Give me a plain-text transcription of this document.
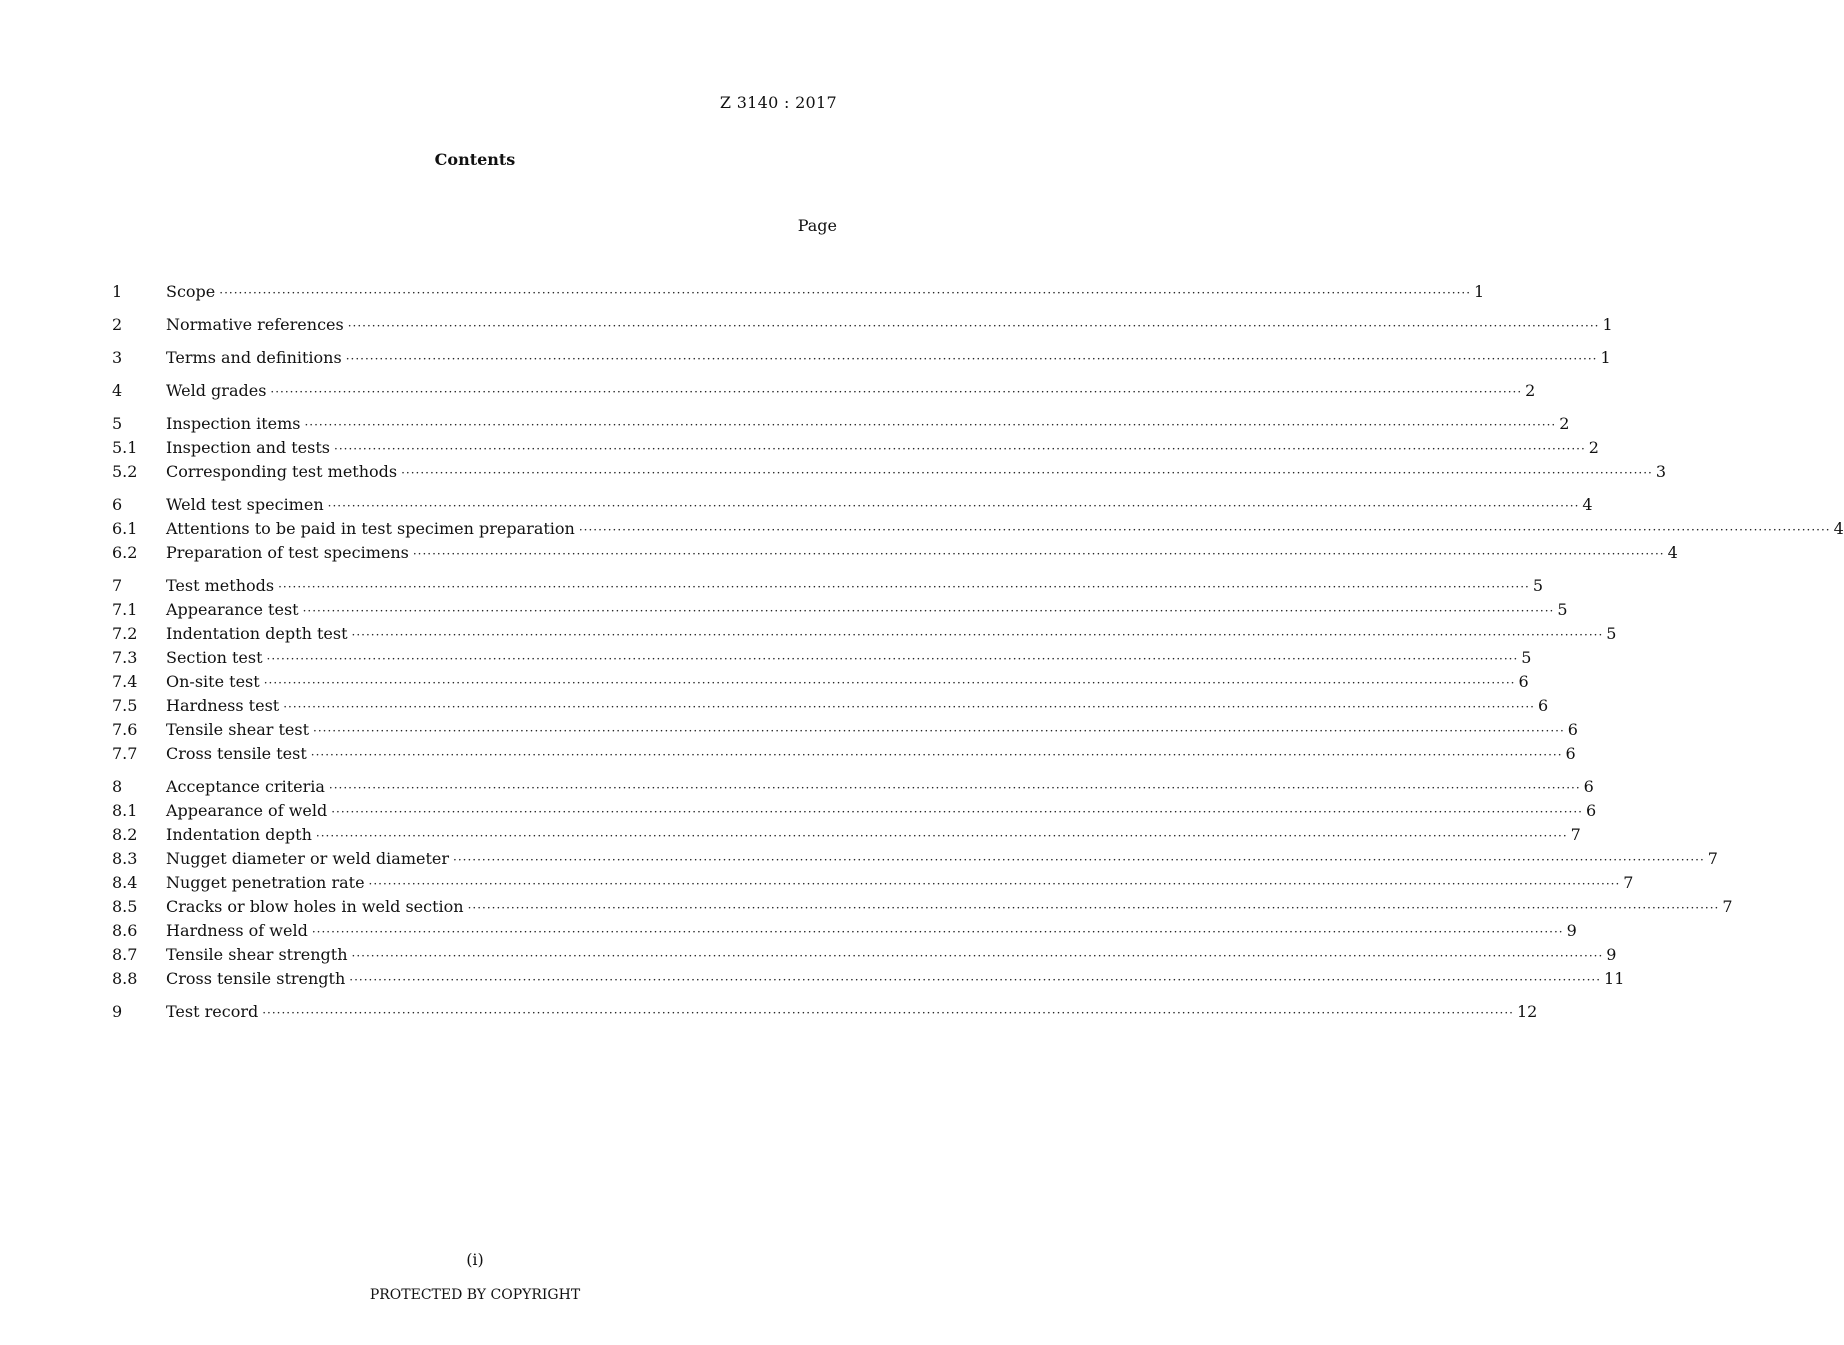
Z 3140 : 2017
Contents
Page
1	Scope ···································································································································································································································································· 1
2	Normative references ···································································································································································································································································· 1
3	Terms and definitions ···································································································································································································································································· 1
4	Weld grades ···································································································································································································································································· 2
5	Inspection items ···································································································································································································································································· 2
5.1	Inspection and tests ···································································································································································································································································· 2
5.2	Corresponding test methods ···································································································································································································································································· 3
6	Weld test specimen ···································································································································································································································································· 4
6.1	Attentions to be paid in test specimen preparation ···································································································································································································································································· 4
6.2	Preparation of test specimens ···································································································································································································································································· 4
7	Test methods ···································································································································································································································································· 5
7.1	Appearance test ···································································································································································································································································· 5
7.2	Indentation depth test ···································································································································································································································································· 5
7.3	Section test ···································································································································································································································································· 5
7.4	On-site test ···································································································································································································································································· 6
7.5	Hardness test ···································································································································································································································································· 6
7.6	Tensile shear test ···································································································································································································································································· 6
7.7	Cross tensile test ···································································································································································································································································· 6
8	Acceptance criteria ···································································································································································································································································· 6
8.1	Appearance of weld ···································································································································································································································································· 6
8.2	Indentation depth ···································································································································································································································································· 7
8.3	Nugget diameter or weld diameter ···································································································································································································································································· 7
8.4	Nugget penetration rate ···································································································································································································································································· 7
8.5	Cracks or blow holes in weld section ···································································································································································································································································· 7
8.6	Hardness of weld ···································································································································································································································································· 9
8.7	Tensile shear strength ···································································································································································································································································· 9
8.8	Cross tensile strength ···································································································································································································································································· 11
9	Test record ···································································································································································································································································· 12
(i)
PROTECTED BY COPYRIGHT
